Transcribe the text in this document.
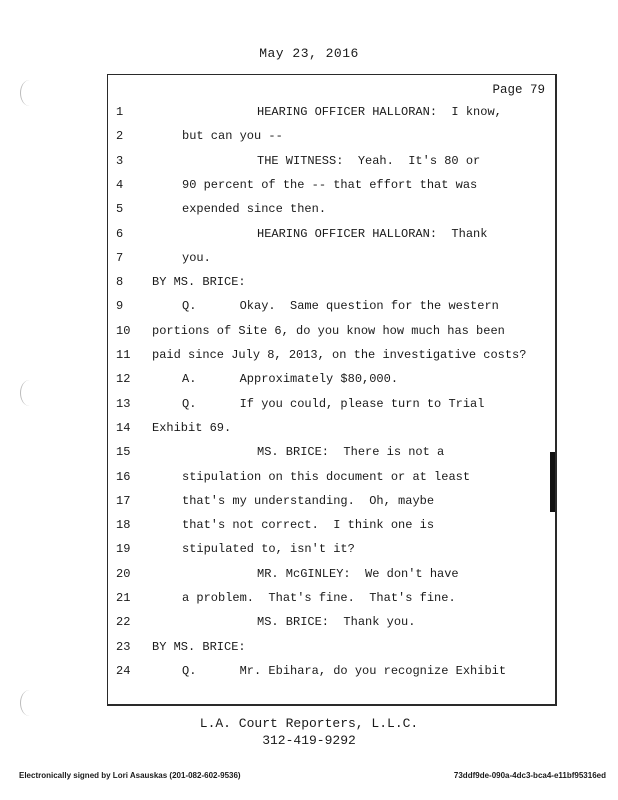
May 23, 2016
Page 79
1	HEARING OFFICER HALLORAN:  I know,
2	but can you --
3	THE WITNESS:  Yeah.  It's 80 or
4	90 percent of the -- that effort that was
5	expended since then.
6	HEARING OFFICER HALLORAN:  Thank
7	you.
8	BY MS. BRICE:
9	Q.      Okay.  Same question for the western
10	portions of Site 6, do you know how much has been
11	paid since July 8, 2013, on the investigative costs?
12	A.      Approximately $80,000.
13	Q.      If you could, please turn to Trial
14	Exhibit 69.
15	MS. BRICE:  There is not a
16	stipulation on this document or at least
17	that's my understanding.  Oh, maybe
18	that's not correct.  I think one is
19	stipulated to, isn't it?
20	MR. McGINLEY:  We don't have
21	a problem.  That's fine.  That's fine.
22	MS. BRICE:  Thank you.
23	BY MS. BRICE:
24	Q.      Mr. Ebihara, do you recognize Exhibit
L.A. Court Reporters, L.L.C.
312-419-9292
Electronically signed by Lori Asauskas (201-082-602-9536)	73ddf9de-090a-4dc3-bca4-e11bf95316ed
